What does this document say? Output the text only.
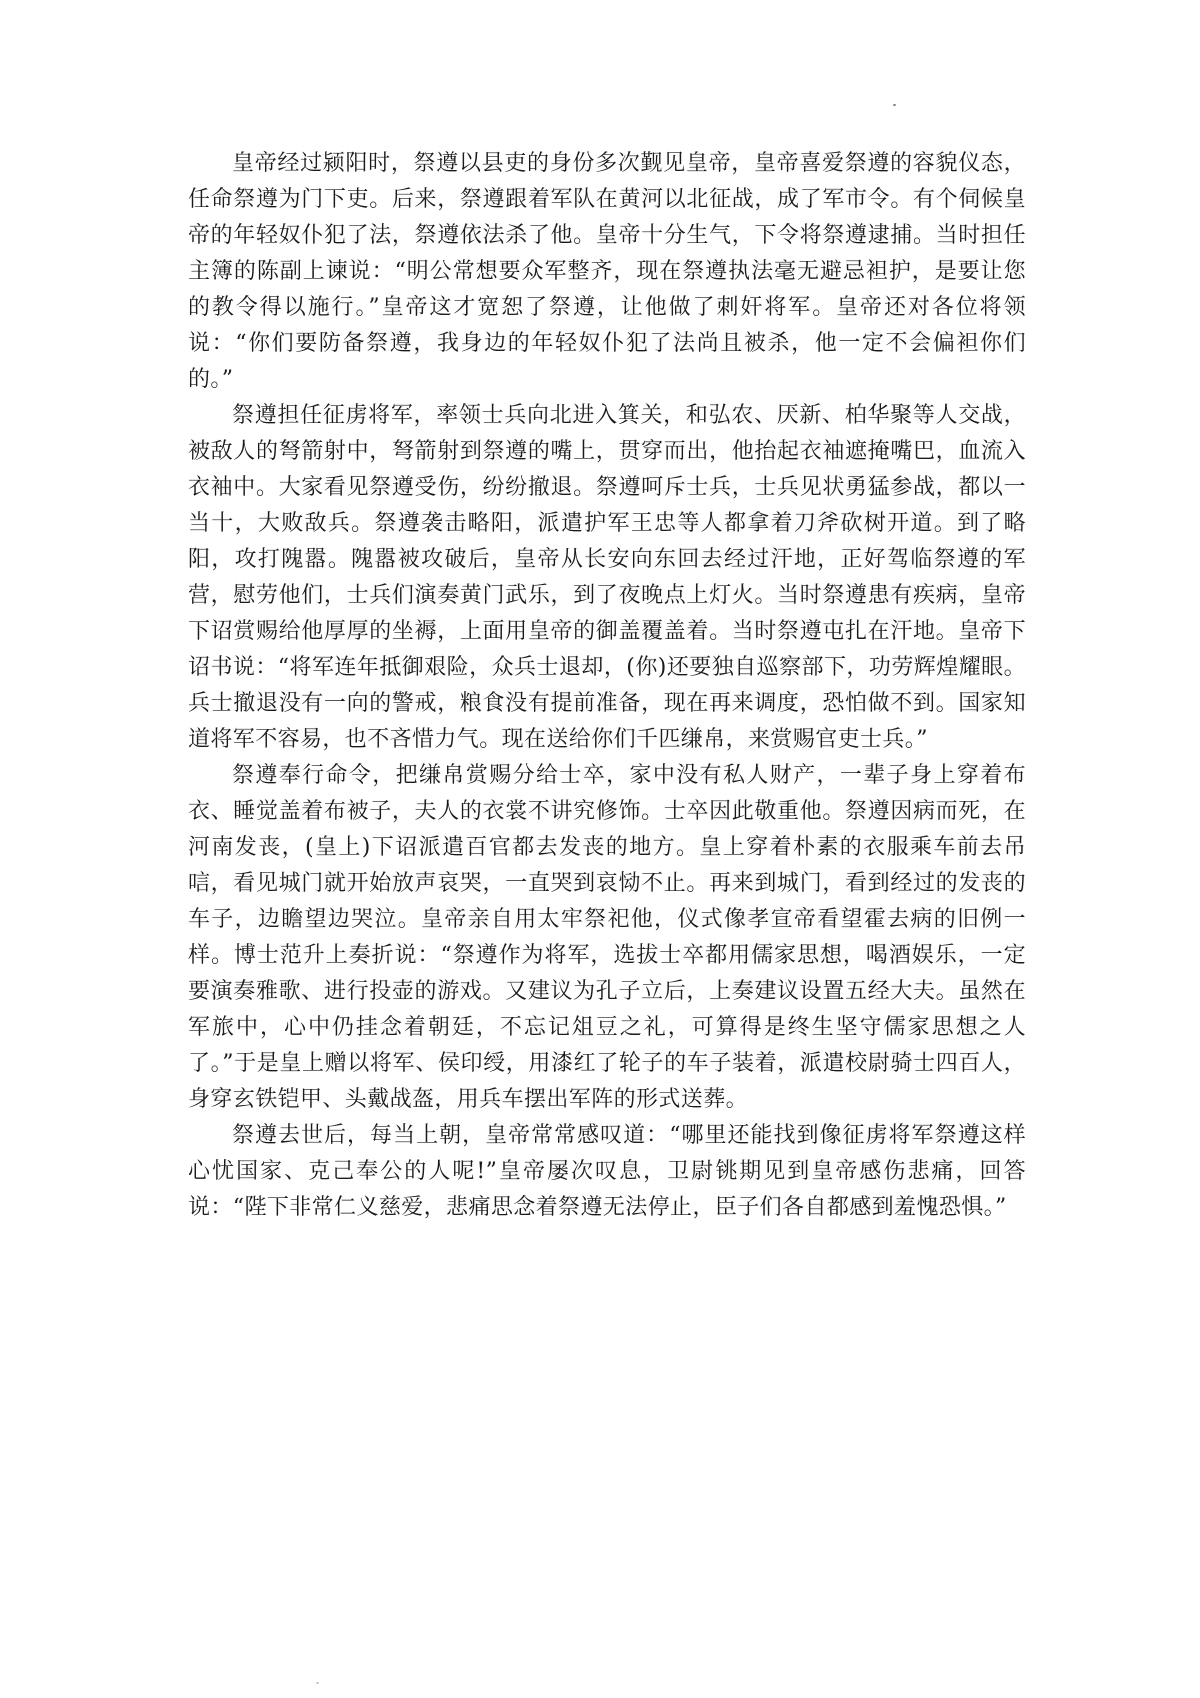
皇帝经过颍阳时，祭遵以县吏的身份多次觐见皇帝，皇帝喜爱祭遵的容貌仪态，任命祭遵为门下吏。后来，祭遵跟着军队在黄河以北征战，成了军市令。有个伺候皇帝的年轻奴仆犯了法，祭遵依法杀了他。皇帝十分生气，下令将祭遵逮捕。当时担任主簿的陈副上谏说：“明公常想要众军整齐，现在祭遵执法毫无避忌袒护，是要让您的教令得以施行。”皇帝这才宽恕了祭遵，让他做了刺奸将军。皇帝还对各位将领说：“你们要防备祭遵，我身边的年轻奴仆犯了法尚且被杀，他一定不会偏袒你们的。”

祭遵担任征虏将军，率领士兵向北进入箕关，和弘农、厌新、柏华聚等人交战，被敌人的弩箭射中，弩箭射到祭遵的嘴上，贯穿而出，他抬起衣袖遮掩嘴巴，血流入衣袖中。大家看见祭遵受伤，纷纷撤退。祭遵呵斥士兵，士兵见状勇猛参战，都以一当十，大败敌兵。祭遵袭击略阳，派遣护军王忠等人都拿着刀斧砍树开道。到了略阳，攻打隗嚣。隗嚣被攻破后，皇帝从长安向东回去经过汗地，正好驾临祭遵的军营，慰劳他们，士兵们演奏黄门武乐，到了夜晚点上灯火。当时祭遵患有疾病，皇帝下诏赏赐给他厚厚的坐褥，上面用皇帝的御盖覆盖着。当时祭遵屯扎在汗地。皇帝下诏书说：“将军连年抵御艰险，众兵士退却，(你)还要独自巡察部下，功劳辉煌耀眼。兵士撤退没有一向的警戒，粮食没有提前准备，现在再来调度，恐怕做不到。国家知道将军不容易，也不吝惜力气。现在送给你们千匹缣帛，来赏赐官吏士兵。”

祭遵奉行命令，把缣帛赏赐分给士卒，家中没有私人财产，一辈子身上穿着布衣、睡觉盖着布被子，夫人的衣裳不讲究修饰。士卒因此敬重他。祭遵因病而死，在河南发丧，(皇上)下诏派遣百官都去发丧的地方。皇上穿着朴素的衣服乘车前去吊唁，看见城门就开始放声哀哭，一直哭到哀恸不止。再来到城门，看到经过的发丧的车子，边瞻望边哭泣。皇帝亲自用太牢祭祀他，仪式像孝宣帝看望霍去病的旧例一样。博士范升上奏折说：“祭遵作为将军，选拔士卒都用儒家思想，喝酒娱乐，一定要演奏雅歌、进行投壶的游戏。又建议为孔子立后，上奏建议设置五经大夫。虽然在军旅中，心中仍挂念着朝廷，不忘记俎豆之礼，可算得是终生坚守儒家思想之人了。”于是皇上赠以将军、侯印绶，用漆红了轮子的车子装着，派遣校尉骑士四百人，身穿玄铁铠甲、头戴战盔，用兵车摆出军阵的形式送葬。

祭遵去世后，每当上朝，皇帝常常感叹道：“哪里还能找到像征虏将军祭遵这样心忧国家、克己奉公的人呢!”皇帝屡次叹息，卫尉铫期见到皇帝感伤悲痛，回答说：“陛下非常仁义慈爱，悲痛思念着祭遵无法停止，臣子们各自都感到羞愧恐惧。”
